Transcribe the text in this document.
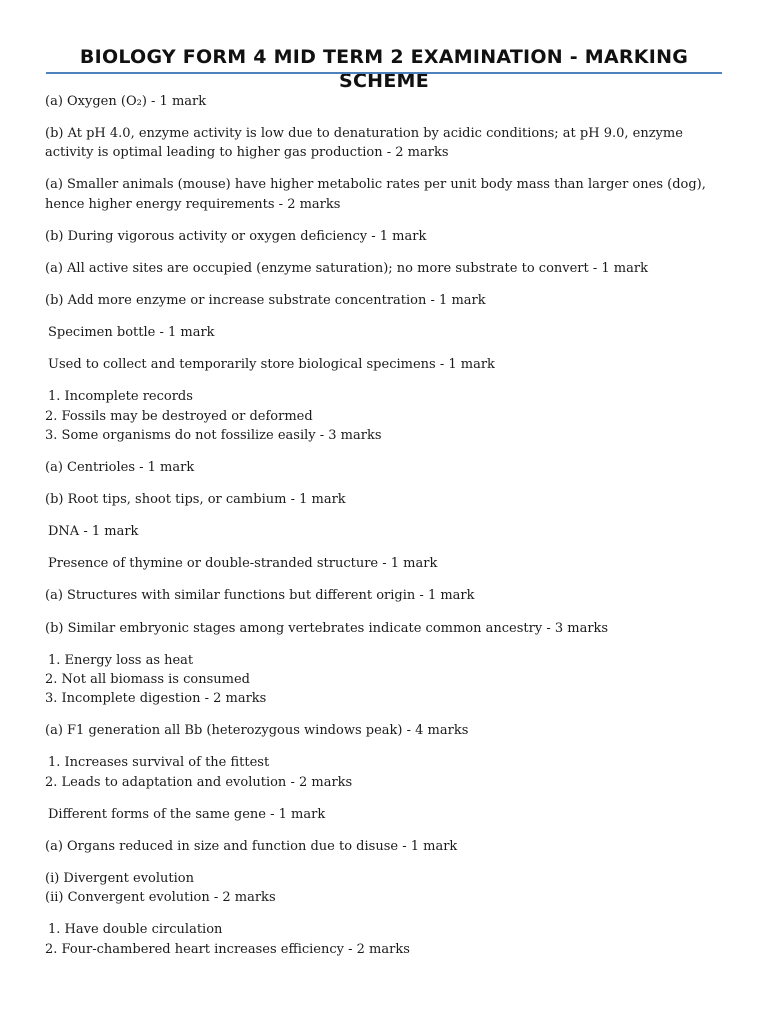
BIOLOGY FORM 4 MID TERM 2 EXAMINATION - MARKING SCHEME
(a) Oxygen (O₂) - 1 mark
(b) At pH 4.0, enzyme activity is low due to denaturation by acidic conditions; at pH 9.0, enzyme activity is optimal leading to higher gas production - 2 marks
(a) Smaller animals (mouse) have higher metabolic rates per unit body mass than larger ones (dog), hence higher energy requirements - 2 marks
(b) During vigorous activity or oxygen deficiency - 1 mark
(a) All active sites are occupied (enzyme saturation); no more substrate to convert - 1 mark
(b) Add more enzyme or increase substrate concentration - 1 mark
Specimen bottle - 1 mark
Used to collect and temporarily store biological specimens - 1 mark
1. Incomplete records
2. Fossils may be destroyed or deformed
3. Some organisms do not fossilize easily - 3 marks
(a) Centrioles - 1 mark
(b) Root tips, shoot tips, or cambium - 1 mark
DNA - 1 mark
Presence of thymine or double-stranded structure - 1 mark
(a) Structures with similar functions but different origin - 1 mark
(b) Similar embryonic stages among vertebrates indicate common ancestry - 3 marks
1. Energy loss as heat
2. Not all biomass is consumed
3. Incomplete digestion - 2 marks
(a) F1 generation all Bb (heterozygous windows peak) - 4 marks
1. Increases survival of the fittest
2. Leads to adaptation and evolution - 2 marks
Different forms of the same gene - 1 mark
(a) Organs reduced in size and function due to disuse - 1 mark
(i) Divergent evolution
(ii) Convergent evolution - 2 marks
1. Have double circulation
2. Four-chambered heart increases efficiency - 2 marks
